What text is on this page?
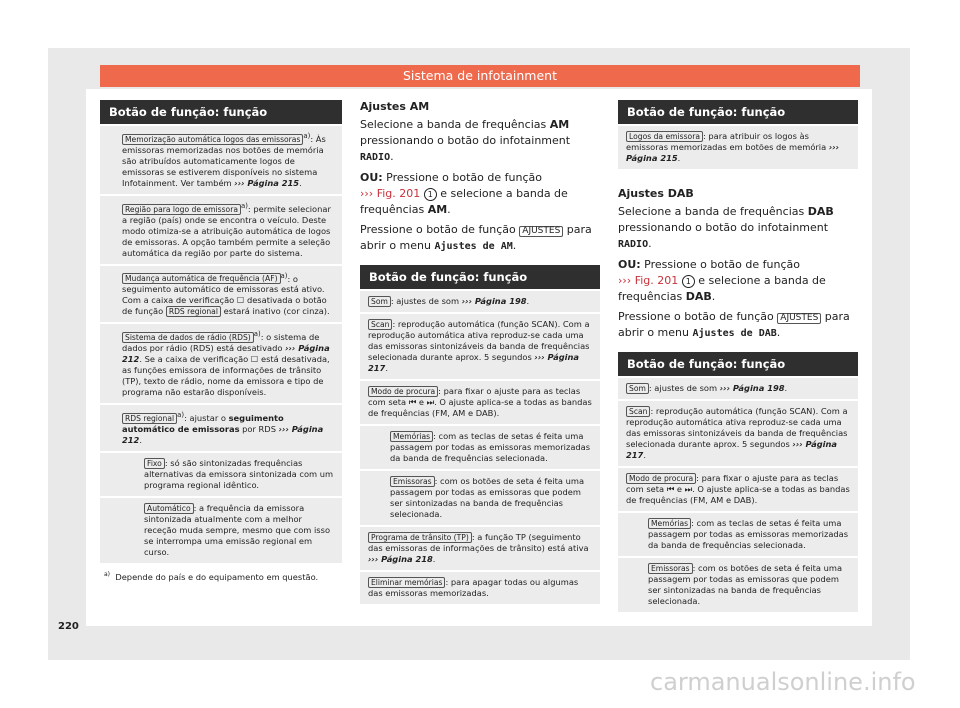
Sistema de infotainment
Botão de função: função
Memorização automática logos das emissoras $^{a)}$: Às emissoras memorizadas nos botões de memória são atribuídos automaticamente logos de emissoras se estiverem disponíveis no sistema Infotainment. Ver também ››› Página 215.
Região para logo de emissora $^{a)}$: permite selecionar a região (país) onde se encontra o veículo. Deste modo otimiza-se a atribuição automática de logos de emissoras. A opção também permite a seleção automática da região por parte do sistema.
Mudança automática de frequência (AF) $^{a)}$: o seguimento automático de emissoras está ativo. Com a caixa de verificação ☐ desativada o botão de função RDS regional estará inativo (cor cinza).
Sistema de dados de rádio (RDS) $^{a)}$: o sistema de dados por rádio (RDS) está desativado ››› Página 212. Se a caixa de verificação ☐ está desativada, as funções emissora de informações de trânsito (TP), texto de rádio, nome da emissora e tipo de programa não estarão disponíveis.
RDS regional $^{a)}$: ajustar o seguimento automático de emissoras por RDS ››› Página 212.
Fixo : só são sintonizadas frequências alternativas da emissora sintonizada com um programa regional idêntico.
Automático : a frequência da emissora sintonizada atualmente com a melhor receção muda sempre, mesmo que com isso se interrompa uma emissão regional em curso.
$^{a)}$ Depende do país e do equipamento em questão.
Ajustes AM

Selecione a banda de frequências AM pressionando o botão do infotainment RADIO.

OU: Pressione o botão de função
››› Fig. 201 1 e selecione a banda de frequências AM.

Pressione o botão de função AJUSTES para abrir o menu Ajustes de AM.

Botão de função: função
Som : ajustes de som ››› Página 198.
Scan : reprodução automática (função SCAN). Com a reprodução automática ativa reproduz-se cada uma das emissoras sintonizáveis da banda de frequências selecionada durante aprox. 5 segundos ››› Página 217.
Modo de procura : para fixar o ajuste para as teclas com seta ⏮ e ⏭. O ajuste aplica-se a todas as bandas de frequências (FM, AM e DAB).
Memórias : com as teclas de setas é feita uma passagem por todas as emissoras memorizadas da banda de frequências selecionada.
Emissoras : com os botões de seta é feita uma passagem por todas as emissoras que podem ser sintonizadas na banda de frequências selecionada.
Programa de trânsito (TP) : a função TP (seguimento das emissoras de informações de trânsito) está ativa ››› Página 218.
Eliminar memórias : para apagar todas ou algumas das emissoras memorizadas.
Botão de função: função
Logos da emissora : para atribuir os logos às emissoras memorizadas em botões de memória ››› Página 215.
Ajustes DAB

Selecione a banda de frequências DAB pressionando o botão do infotainment RADIO.

OU: Pressione o botão de função
››› Fig. 201 1 e selecione a banda de frequências DAB.

Pressione o botão de função AJUSTES para abrir o menu Ajustes de DAB.

Botão de função: função
Som : ajustes de som ››› Página 198.
Scan : reprodução automática (função SCAN). Com a reprodução automática ativa reproduz-se cada uma das emissoras sintonizáveis da banda de frequências selecionada durante aprox. 5 segundos ››› Página 217.
Modo de procura : para fixar o ajuste para as teclas com seta ⏮ e ⏭. O ajuste aplica-se a todas as bandas de frequências (FM, AM e DAB).
Memórias : com as teclas de setas é feita uma passagem por todas as emissoras memorizadas da banda de frequências selecionada.
Emissoras : com os botões de seta é feita uma passagem por todas as emissoras que podem ser sintonizadas na banda de frequências selecionada.
220
carmanualsonline.info
